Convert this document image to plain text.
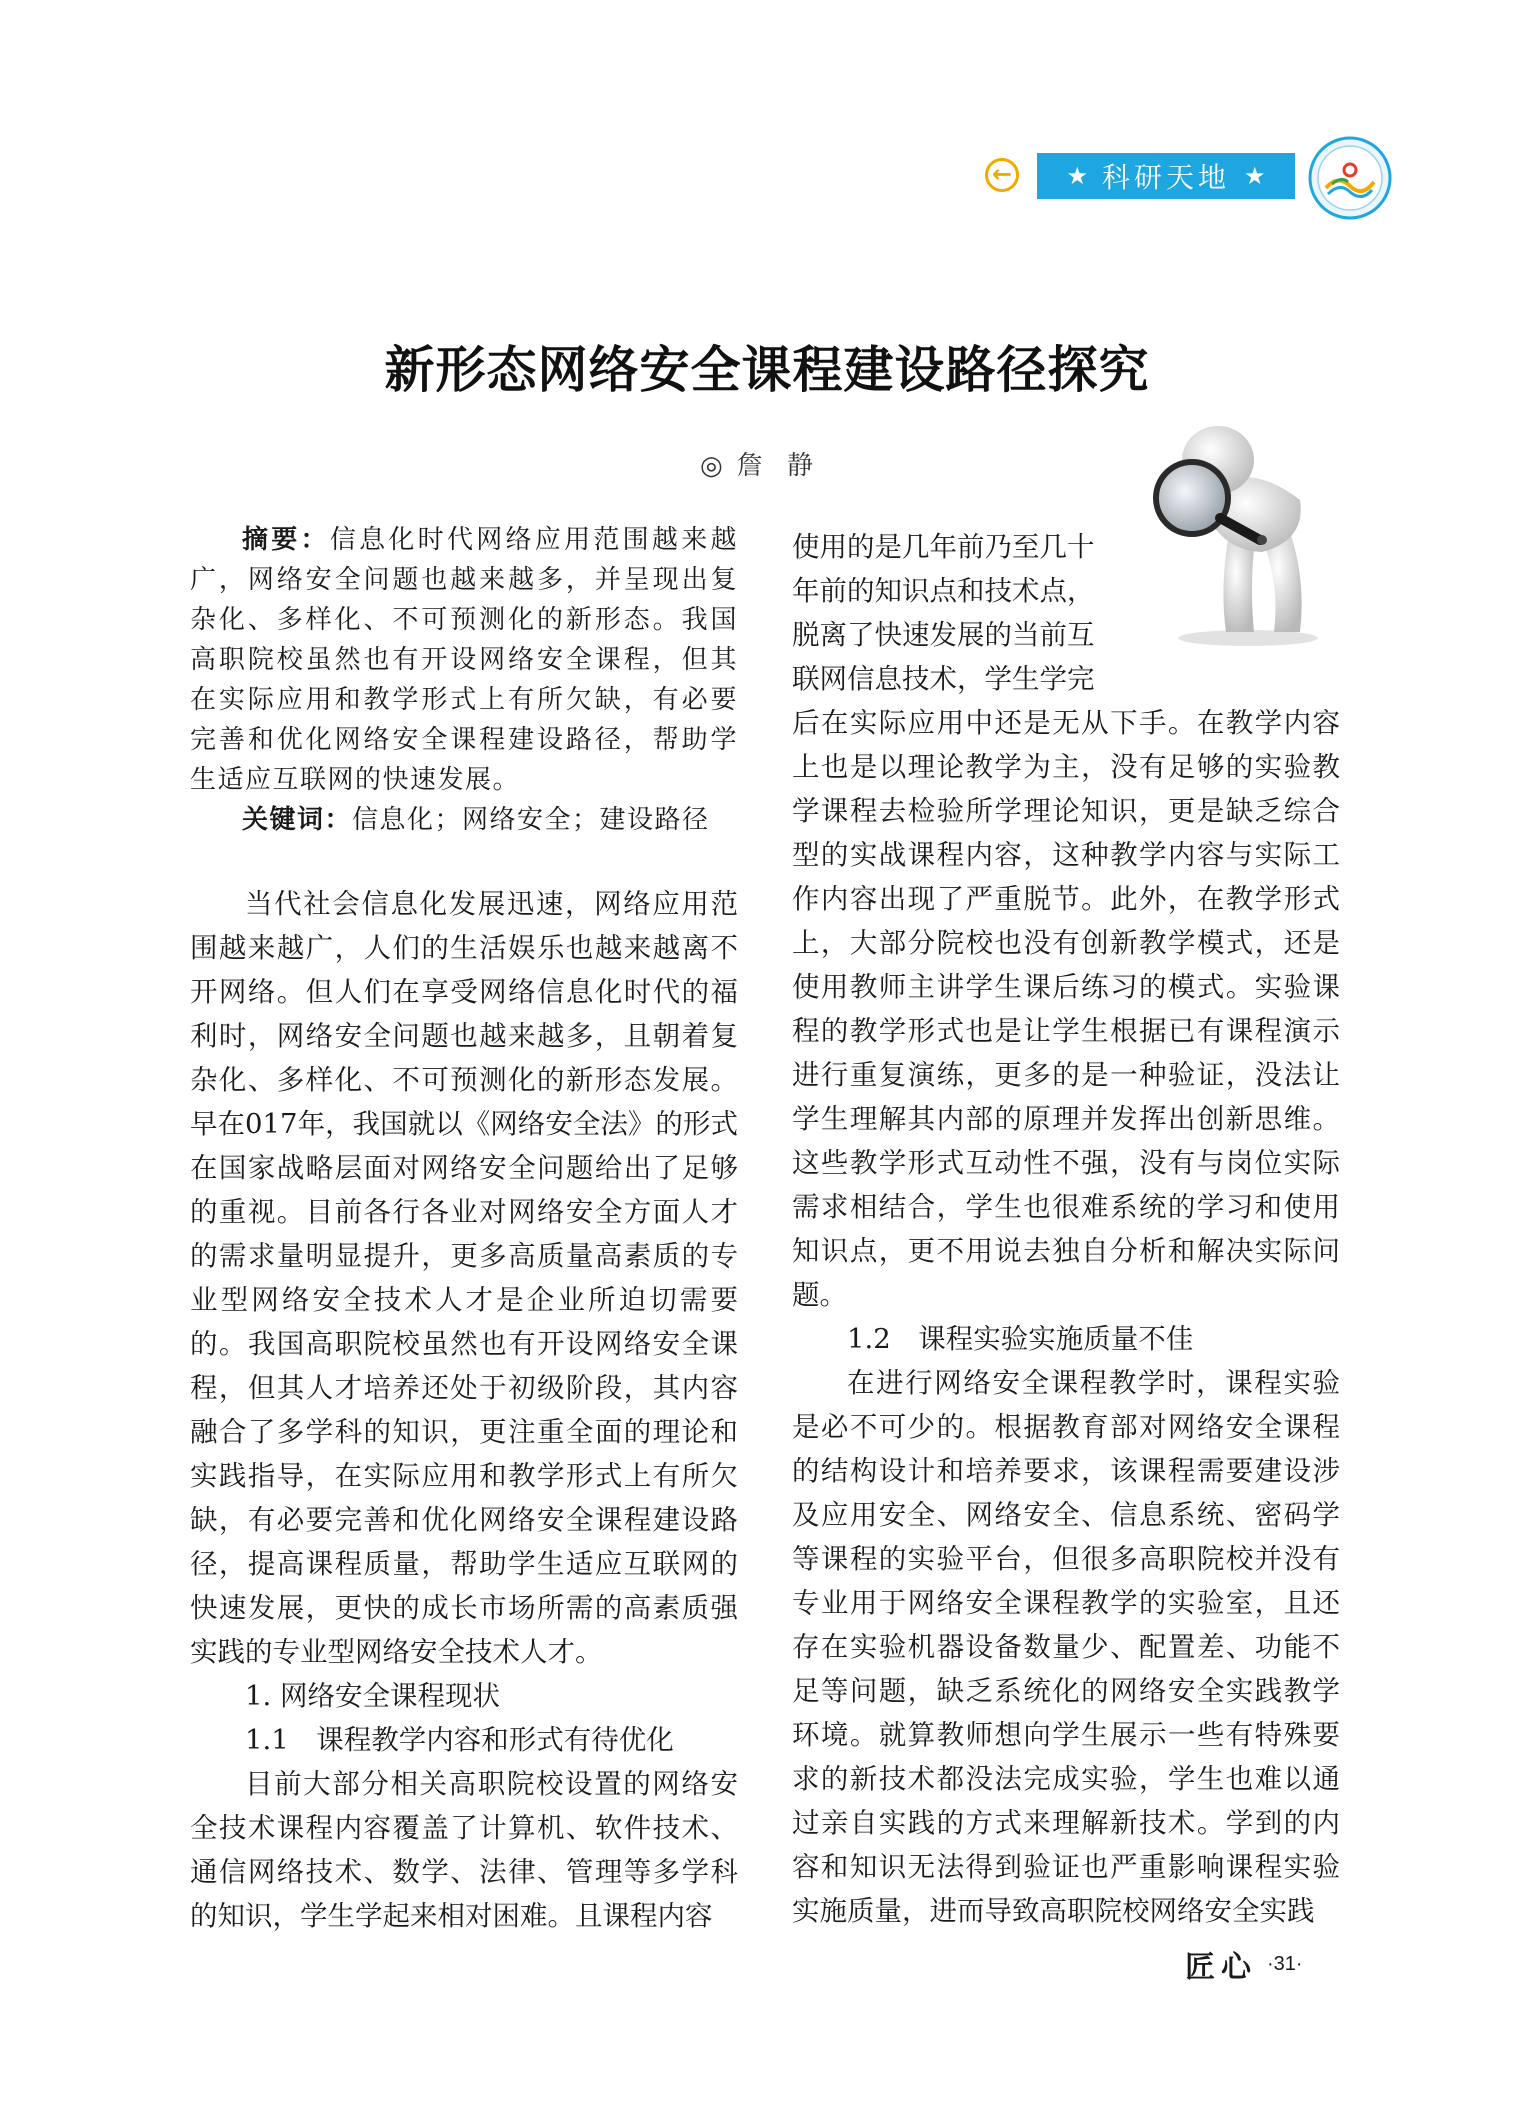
← ★ 科研天地 ★
新形态网络安全课程建设路径探究
◎ 詹 静

摘要：信息化时代网络应用范围越来越广，网络安全问题也越来越多，并呈现出复杂化、多样化、不可预测化的新形态。我国高职院校虽然也有开设网络安全课程，但其在实际应用和教学形式上有所欠缺，有必要完善和优化网络安全课程建设路径，帮助学生适应互联网的快速发展。

关键词：信息化；网络安全；建设路径

当代社会信息化发展迅速，网络应用范围越来越广，人们的生活娱乐也越来越离不开网络。但人们在享受网络信息化时代的福利时，网络安全问题也越来越多，且朝着复杂化、多样化、不可预测化的新形态发展。早在017年，我国就以《网络安全法》的形式在国家战略层面对网络安全问题给出了足够的重视。目前各行各业对网络安全方面人才的需求量明显提升，更多高质量高素质的专业型网络安全技术人才是企业所迫切需要的。我国高职院校虽然也有开设网络安全课程，但其人才培养还处于初级阶段，其内容融合了多学科的知识，更注重全面的理论和实践指导，在实际应用和教学形式上有所欠缺，有必要完善和优化网络安全课程建设路径，提高课程质量，帮助学生适应互联网的快速发展，更快的成长市场所需的高素质强实践的专业型网络安全技术人才。

1. 网络安全课程现状

1.1　课程教学内容和形式有待优化

目前大部分相关高职院校设置的网络安全技术课程内容覆盖了计算机、软件技术、通信网络技术、数学、法律、管理等多学科的知识，学生学起来相对困难。且课程内容

使用的是几年前乃至几十

年前的知识点和技术点，

脱离了快速发展的当前互

联网信息技术，学生学完

后在实际应用中还是无从下手。在教学内容上也是以理论教学为主，没有足够的实验教学课程去检验所学理论知识，更是缺乏综合型的实战课程内容，这种教学内容与实际工作内容出现了严重脱节。此外，在教学形式上，大部分院校也没有创新教学模式，还是使用教师主讲学生课后练习的模式。实验课程的教学形式也是让学生根据已有课程演示进行重复演练，更多的是一种验证，没法让学生理解其内部的原理并发挥出创新思维。这些教学形式互动性不强，没有与岗位实际需求相结合，学生也很难系统的学习和使用知识点，更不用说去独自分析和解决实际问题。

1.2　课程实验实施质量不佳

在进行网络安全课程教学时，课程实验是必不可少的。根据教育部对网络安全课程的结构设计和培养要求，该课程需要建设涉及应用安全、网络安全、信息系统、密码学等课程的实验平台，但很多高职院校并没有专业用于网络安全课程教学的实验室，且还存在实验机器设备数量少、配置差、功能不足等问题，缺乏系统化的网络安全实践教学环境。就算教师想向学生展示一些有特殊要求的新技术都没法完成实验，学生也难以通过亲自实践的方式来理解新技术。学到的内容和知识无法得到验证也严重影响课程实验实施质量，进而导致高职院校网络安全实践

匠心 ·31·
